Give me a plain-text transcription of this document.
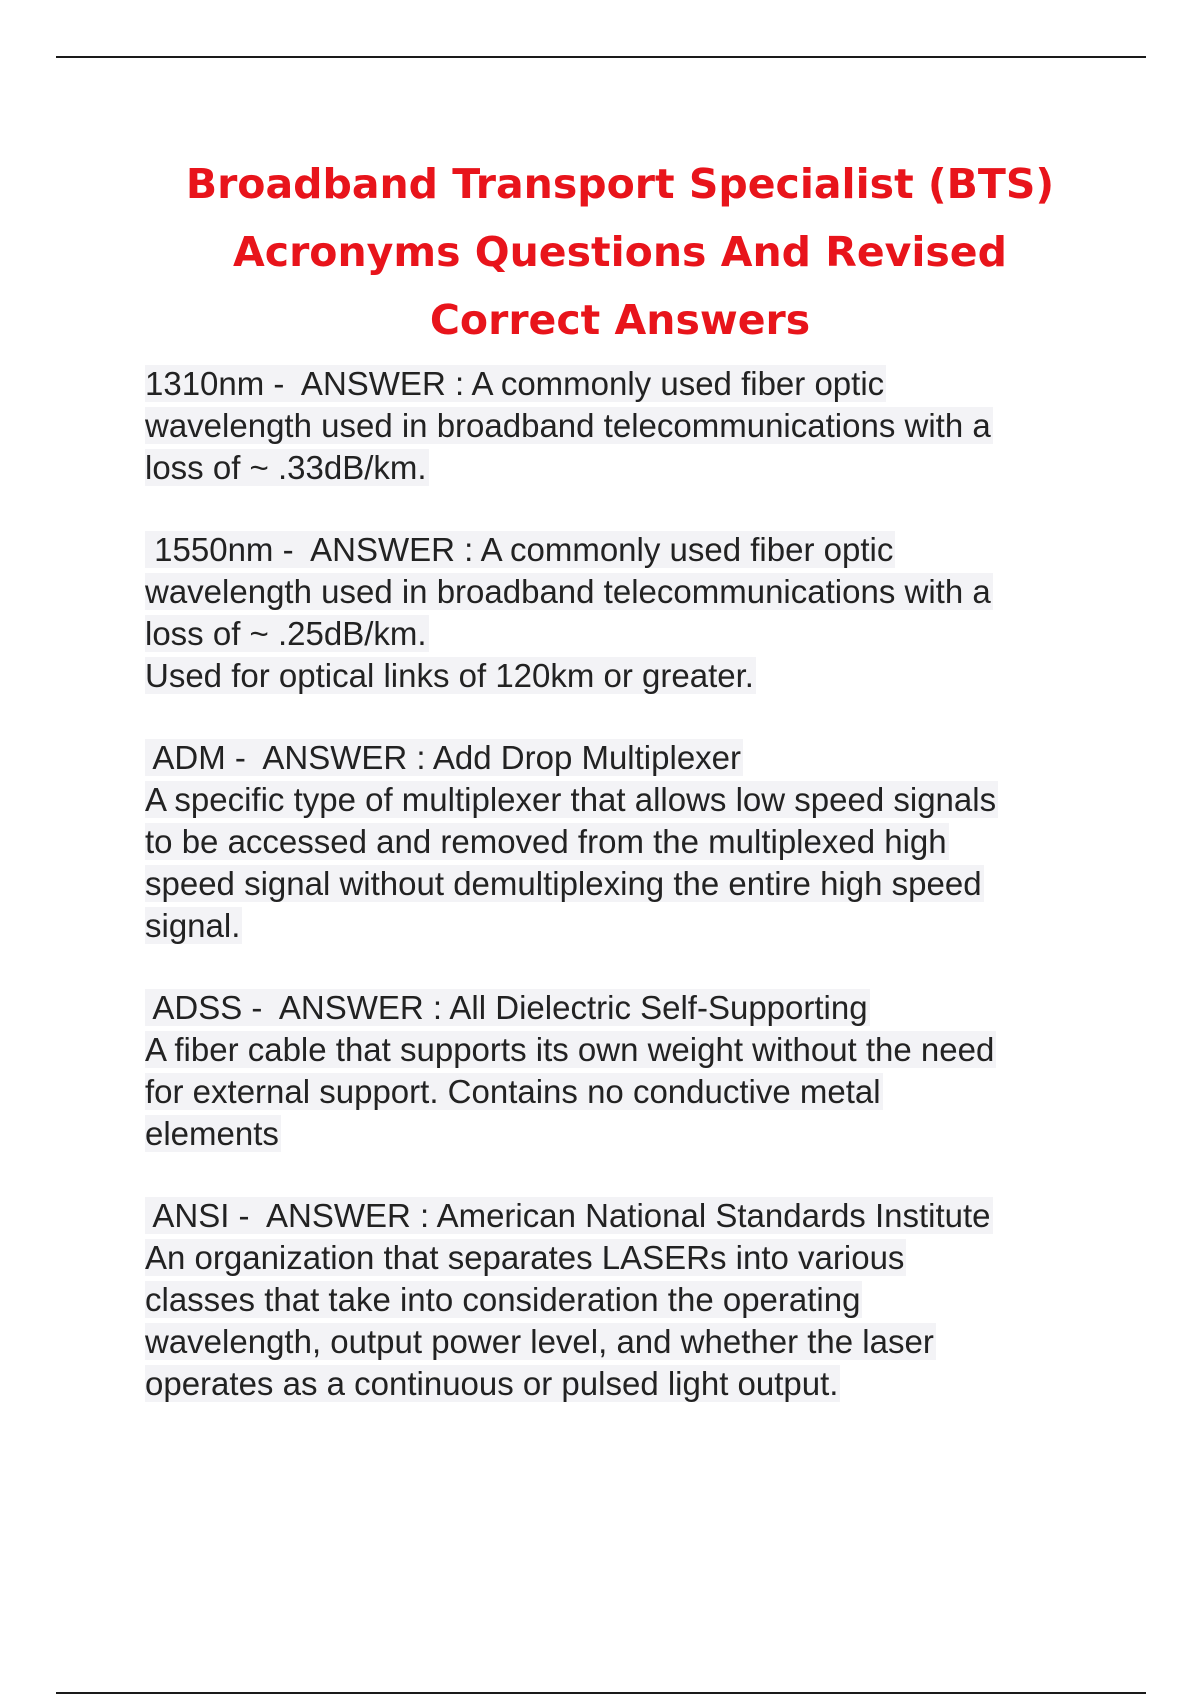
Broadband Transport Specialist (BTS)
Acronyms Questions And Revised
Correct Answers
1310nm -  ANSWER : A commonly used fiber optic
wavelength used in broadband telecommunications with a
loss of ~ .33dB/km.
1550nm -  ANSWER : A commonly used fiber optic
wavelength used in broadband telecommunications with a
loss of ~ .25dB/km.
Used for optical links of 120km or greater.
ADM -  ANSWER : Add Drop Multiplexer
A specific type of multiplexer that allows low speed signals
to be accessed and removed from the multiplexed high
speed signal without demultiplexing the entire high speed
signal.
ADSS -  ANSWER : All Dielectric Self-Supporting
A fiber cable that supports its own weight without the need
for external support. Contains no conductive metal
elements
ANSI -  ANSWER : American National Standards Institute
An organization that separates LASERs into various
classes that take into consideration the operating
wavelength, output power level, and whether the laser
operates as a continuous or pulsed light output.
